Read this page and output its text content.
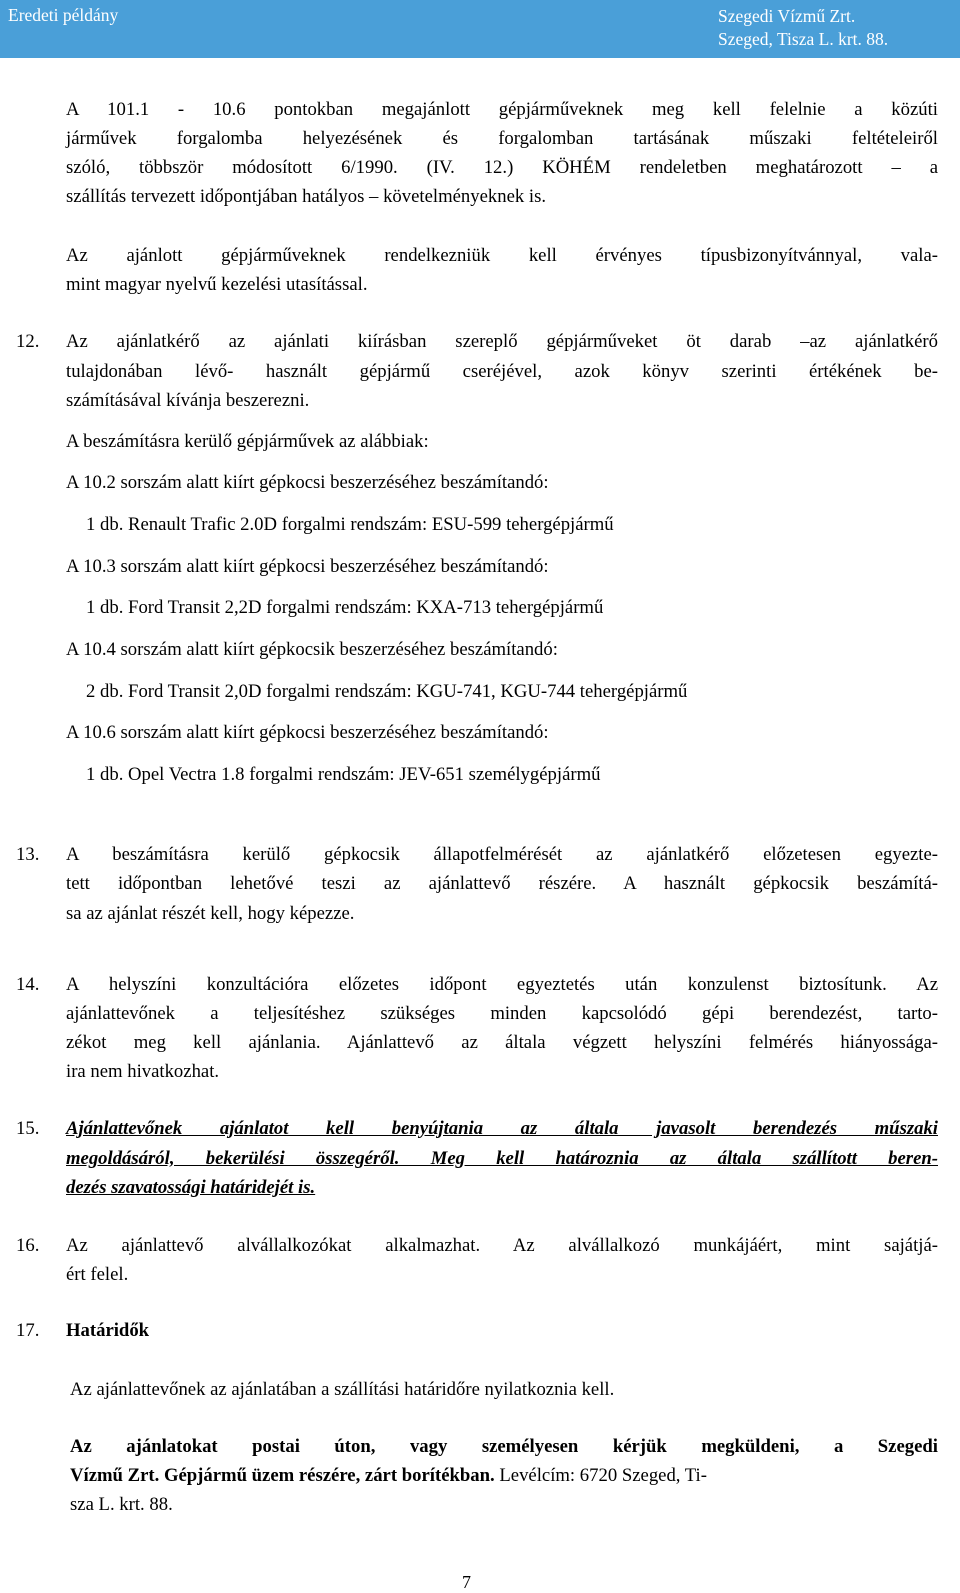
Eredeti példány	Szegedi Vízmű Zrt.
Szeged, Tisza L. krt. 88.
A 101.1 - 10.6 pontokban megajánlott gépjárműveknek meg kell felelnie a közúti
járművek forgalomba helyezésének és forgalomban tartásának műszaki feltételeiről
szóló, többször módosított 6/1990. (IV. 12.) KÖHÉM rendeletben meghatározott – a
szállítás tervezett időpontjában hatályos – követelményeknek is.
Az ajánlott gépjárműveknek rendelkezniük kell érvényes típusbizonyítvánnyal, vala-
mint magyar nyelvű kezelési utasítással.
12. Az ajánlatkérő az ajánlati kiírásban szereplő gépjárműveket öt darab –az ajánlatkérő
tulajdonában lévő- használt gépjármű cseréjével, azok könyv szerinti értékének be-
számításával kívánja beszerezni.
A beszámításra kerülő gépjárművek az alábbiak:
A 10.2 sorszám alatt kiírt gépkocsi beszerzéséhez beszámítandó:
1 db. Renault Trafic 2.0D forgalmi rendszám: ESU-599 tehergépjármű
A 10.3 sorszám alatt kiírt gépkocsi beszerzéséhez beszámítandó:
1 db. Ford Transit 2,2D forgalmi rendszám: KXA-713 tehergépjármű
A 10.4 sorszám alatt kiírt gépkocsik beszerzéséhez beszámítandó:
2 db. Ford Transit 2,0D forgalmi rendszám: KGU-741, KGU-744 tehergépjármű
A 10.6 sorszám alatt kiírt gépkocsi beszerzéséhez beszámítandó:
1 db. Opel Vectra 1.8 forgalmi rendszám: JEV-651 személygépjármű
13. A beszámításra kerülő gépkocsik állapotfelmérését az ajánlatkérő előzetesen egyezte-
tett időpontban lehetővé teszi az ajánlattevő részére. A használt gépkocsik beszámítá-
sa az ajánlat részét kell, hogy képezze.
14. A helyszíni konzultációra előzetes időpont egyeztetés után konzulenst biztosítunk. Az
ajánlattevőnek a teljesítéshez szükséges minden kapcsolódó gépi berendezést, tarto-
zékot meg kell ajánlania. Ajánlattevő az általa végzett helyszíni felmérés hiányossága-
ira nem hivatkozhat.
15. Ajánlattevőnek ajánlatot kell benyújtania az általa javasolt berendezés műszaki
megoldásáról, bekerülési összegéről. Meg kell határoznia az általa szállított beren-
dezés szavatossági határidejét is.
16. Az ajánlattevő alvállalkozókat alkalmazhat. Az alvállalkozó munkájáért, mint sajátjá-
ért felel.
17. Határidők
Az ajánlattevőnek az ajánlatában a szállítási határidőre nyilatkoznia kell.
Az ajánlatokat postai úton, vagy személyesen kérjük megküldeni, a Szegedi
Vízmű Zrt. Gépjármű üzem részére, zárt borítékban. Levélcím: 6720 Szeged, Ti-
sza L. krt. 88.
7
